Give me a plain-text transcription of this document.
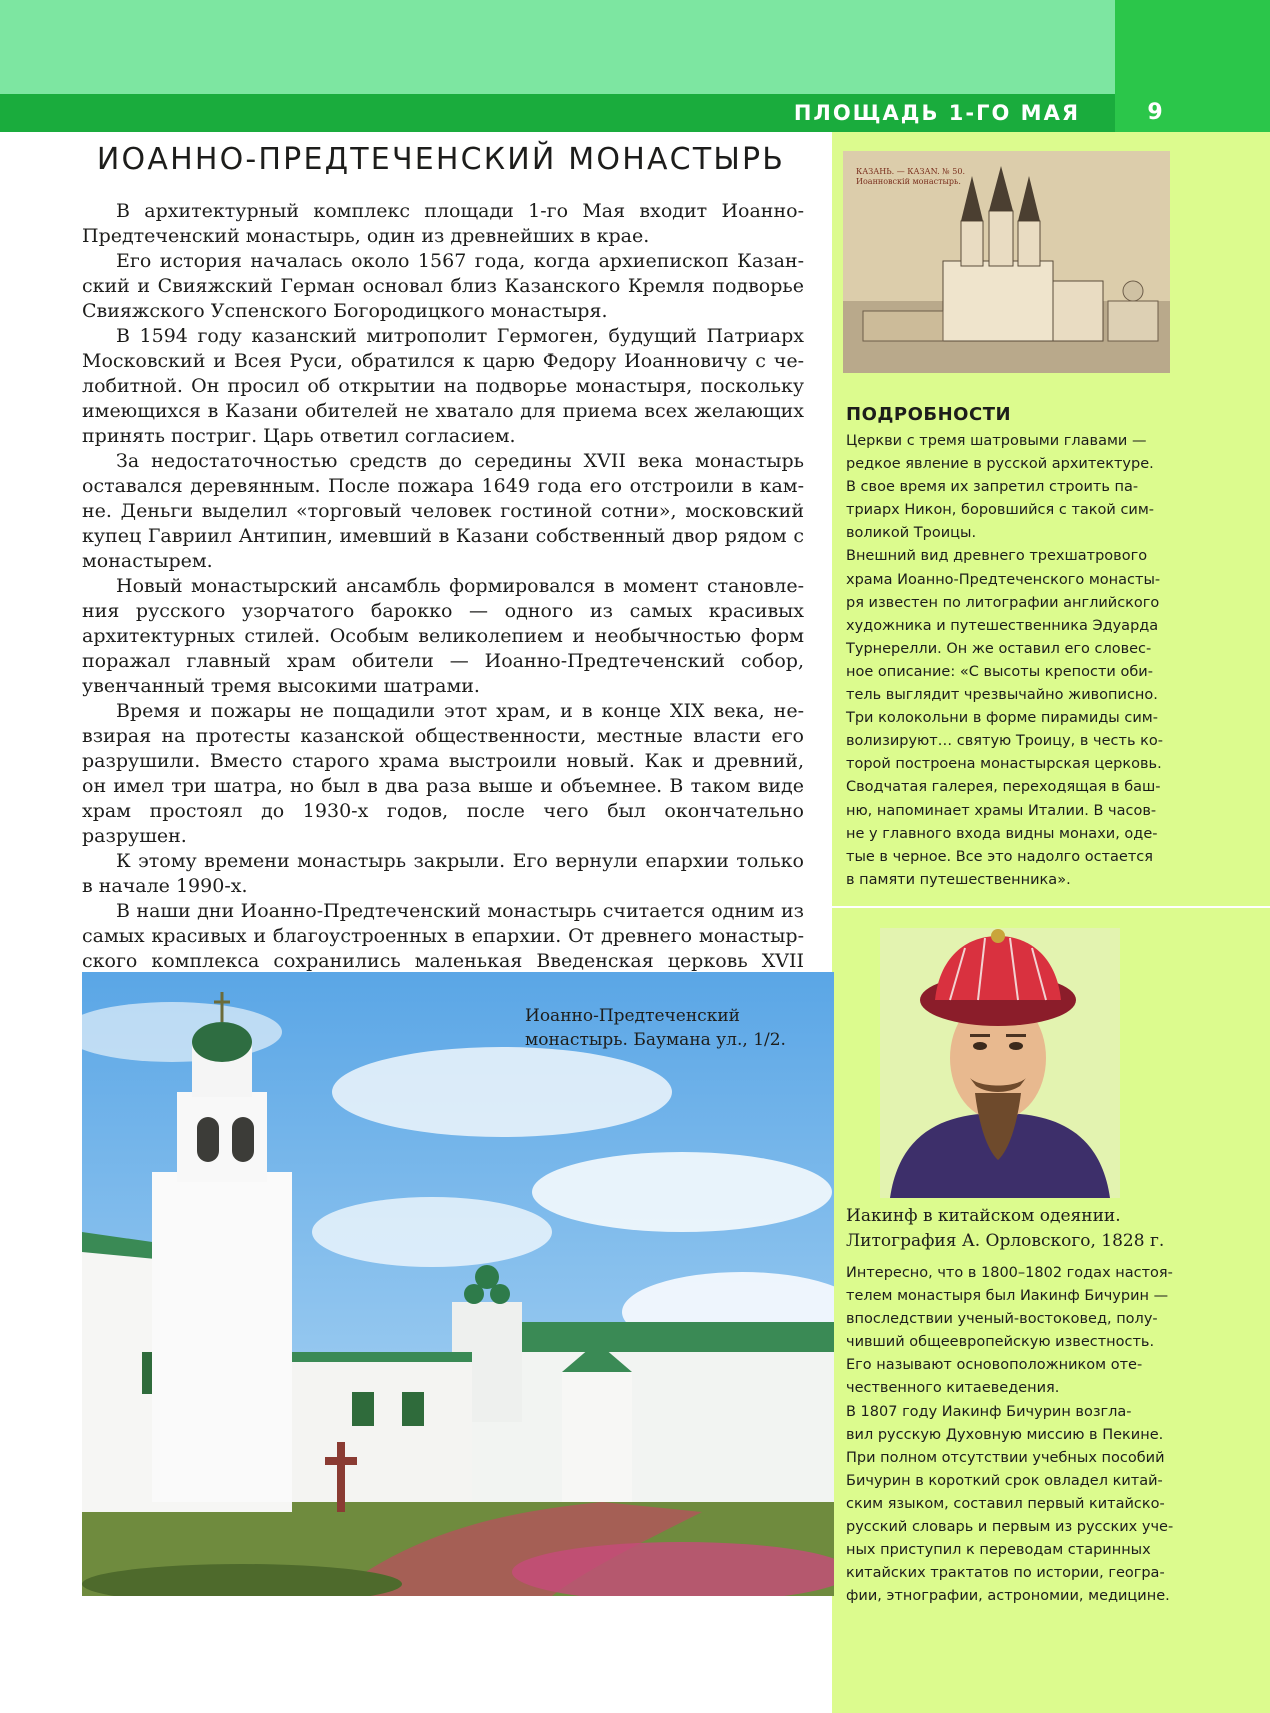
ПЛОЩАДЬ 1-ГО МАЯ	9
ИОАННО-ПРЕДТЕЧЕНСКИЙ МОНАСТЫРЬ

В архитектурный комплекс площади 1-го Мая входит Иоанно-Предтеченский монастырь, один из древнейших в крае.

Его история началась около 1567 года, когда архиепископ Казанский и Свияжский Герман основал близ Казанского Кремля подворье Свияжского Успенского Богородицкого монастыря.

В 1594 году казанский митрополит Гермоген, будущий Патриарх Московский и Всея Руси, обратился к царю Федору Иоанновичу с челобитной. Он просил об открытии на подворье монастыря, поскольку имеющихся в Казани обителей не хватало для приема всех желающих принять постриг. Царь ответил согласием.

За недостаточностью средств до середины XVII века монастырь оставался деревянным. После пожара 1649 года его отстроили в камне. Деньги выделил «торговый человек гостиной сотни», московский купец Гавриил Антипин, имевший в Казани собственный двор рядом с монастырем.

Новый монастырский ансамбль формировался в момент становления русского узорчатого барокко — одного из самых красивых архитектурных стилей. Особым великолепием и необычностью форм поражал главный храм обители — Иоанно-Предтеченский собор, увенчанный тремя высокими шатрами.

Время и пожары не пощадили этот храм, и в конце XIX века, невзирая на протесты казанской общественности, местные власти его разрушили. Вместо старого храма выстроили новый. Как и древний, он имел три шатра, но был в два раза выше и объемнее. В таком виде храм простоял до 1930-х годов, после чего был окончательно разрушен.

К этому времени монастырь закрыли. Его вернули епархии только в начале 1990-х.

В наши дни Иоанно-Предтеченский монастырь считается одним из самых красивых и благоустроенных в епархии. От древнего монастырского комплекса сохранились маленькая Введенская церковь XVII

Иоанно-Предтеченский
монастырь. Баумана ул., 1/2.
КАЗАНЬ. — КАЗАN. № 50.
Иоанновскій монастырь.
ПОДРОБНОСТИ
Церкви с тремя шатровыми главами —
редкое явление в русской архитектуре.
В свое время их запретил строить па-
триарх Никон, боровшийся с такой сим-
воликой Троицы.
Внешний вид древнего трехшатрового
храма Иоанно-Предтеченского монасты-
ря известен по литографии английского
художника и путешественника Эдуарда
Турнерелли. Он же оставил его словес-
ное описание: «С высоты крепости оби-
тель выглядит чрезвычайно живописно.
Три колокольни в форме пирамиды сим-
волизируют… святую Троицу, в честь ко-
торой построена монастырская церковь.
Сводчатая галерея, переходящая в баш-
ню, напоминает храмы Италии. В часов-
не у главного входа видны монахи, оде-
тые в черное. Все это надолго остается
в памяти путешественника».
Иакинф в китайском одеянии.
Литография А. Орловского, 1828 г.
Интересно, что в 1800–1802 годах настоя-
телем монастыря был Иакинф Бичурин —
впоследствии ученый-востоковед, полу-
чивший общеевропейскую известность.
Его называют основоположником оте-
чественного китаеведения.
В 1807 году Иакинф Бичурин возгла-
вил русскую Духовную миссию в Пекине.
При полном отсутствии учебных пособий
Бичурин в короткий срок овладел китай-
ским языком, составил первый китайско-
русский словарь и первым из русских уче-
ных приступил к переводам старинных
китайских трактатов по истории, геогра-
фии, этнографии, астрономии, медицине.
